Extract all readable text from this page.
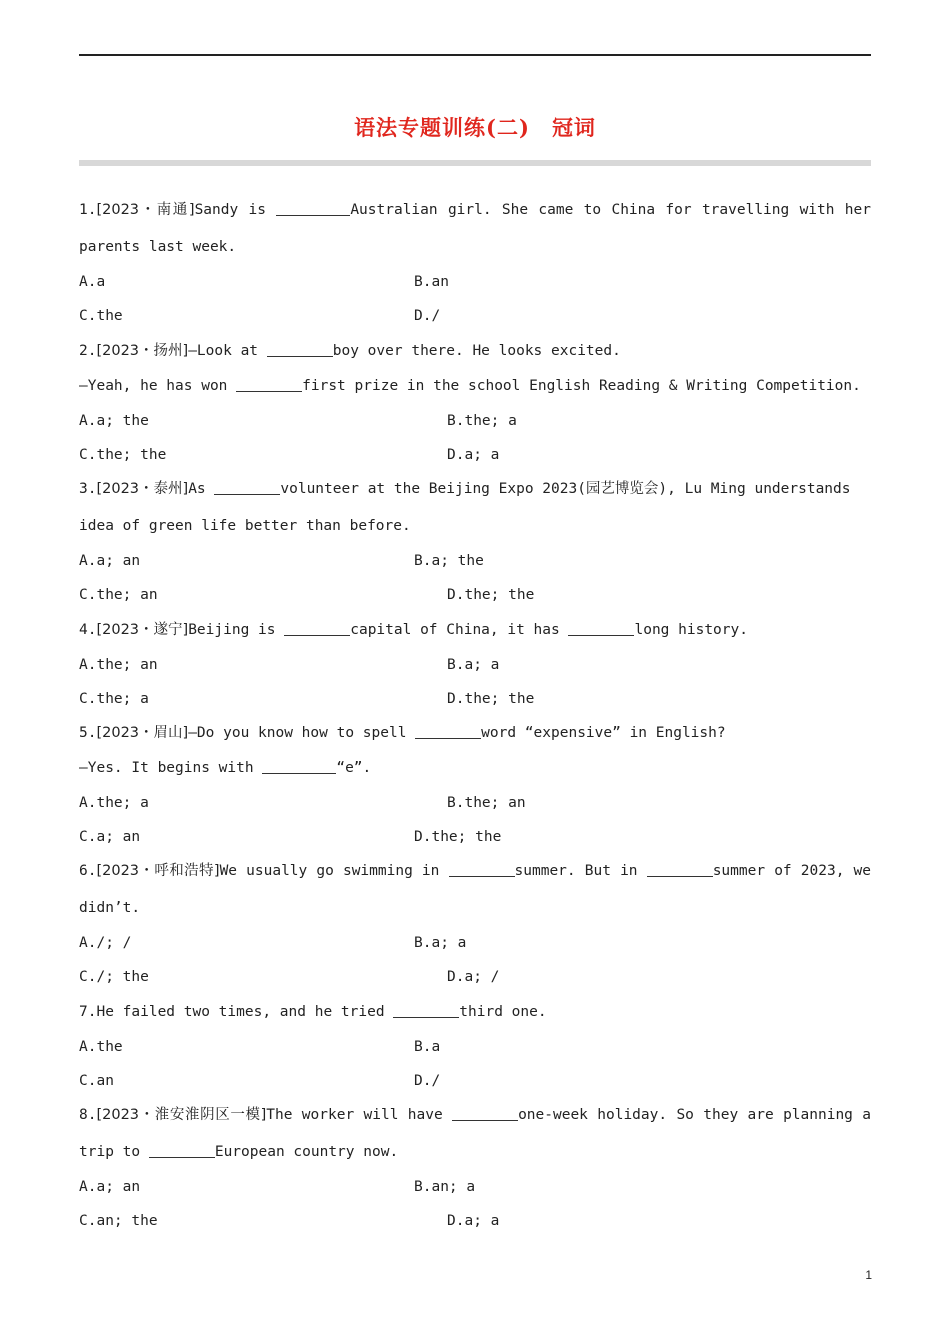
语法专题训练(二) 冠词
1.[2023・南通]Sandy is	Australian girl. She came to China for travelling with her
parents last week.
A.a	B.an
C.the	D./
2.[2023・扬州]—Look at	boy over there. He looks excited.
—Yeah, he has won	first prize in the school English Reading & Writing Competition.
A.a; the	B.the; a
C.the; the	D.a; a
3.[2023・泰州]As	volunteer at the Beijing Expo 2023(园艺博览会), Lu Ming understands
idea of green life better than before.
A.a; an	B.a; the
C.the; an	D.the; the
4.[2023・遂宁]Beijing is	capital of China, it has	long history.
A.the; an	B.a; a
C.the; a	D.the; the
5.[2023・眉山]—Do you know how to spell	word “expensive” in English?
—Yes. It begins with	“e”.
A.the; a	B.the; an
C.a; an	D.the; the
6.[2023・呼和浩特]We usually go swimming in	summer. But in	summer of 2023, we
didn’t.
A./; /	B.a; a
C./; the	D.a; /
7.He failed two times, and he tried	third one.
A.the	B.a
C.an	D./
8.[2023・淮安淮阴区一模]The worker will have	one-week holiday. So they are planning a
trip to	European country now.
A.a; an	B.an; a
C.an; the	D.a; a
1
